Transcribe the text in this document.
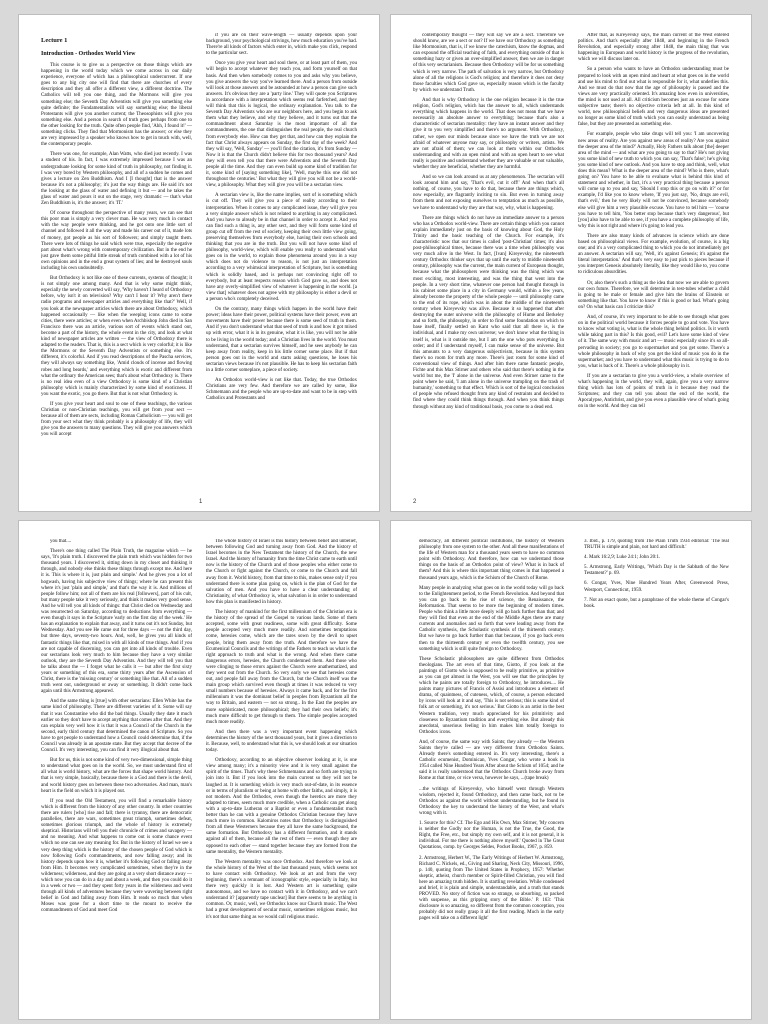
Lecture 1
Introduction - Orthodox World View

This course is to give us a perspective on those things which are happening in the world today which we come across in our daily experience, everyone of which has a philosophical undercurrent. If one goes to any big city one will find that there are churches of every description and they all offer a different view, a different doctrine. The Catholics will tell you one thing, and the Mormons will give you something else; the Seventh Day Adventists will give you something else quite definite; the Fundamentalists will say something else; the liberal Protestants will give you another current; the Theosophists will give you something else. And a person in search of truth goes perhaps from one to the other looking for the truth. Quite often people find, 'Ahh, I found it!' — something clicks. They find that Mormonism has the answer; or else they are very impressed by a speaker who knows how to get in touch with, well, the contemporary people.

There was one, for example, Alan Watts, who died just recently. I was a student of his. In fact, I was extremely impressed because I was an undergraduate looking for some kind of truth in philosophy, not finding it. I was very bored by Western philosophy, and all of a sudden he comes and gives a lecture on Zen Buddhism. And I [I thought] that is the answer because it's not a philosophy; it's just the way things are. He said it's not the looking at the glass of water and defining it but — and he takes the glass of water and pours it out on the stage, very dramatic — that's what Zen Buddhism is, it's the answer; it's 'IT.'

Of course throughout the perspective of many years, we can see that this poor man is simply a very clever man. He was very much in contact with the way people were thinking, and he got onto one little sort of channel and followed it all the way and made his career out of it, made lots of money, got people as his sort of followers; and simply taught them. There were lots of things he said which were true, especially the negative part about what's wrong with contemporary civilization. But in the end he just gave them some pitiful little streak of truth combined with a lot of his own opinions and in the end a great system of lies; and he destroyed souls including his own undoubtedly.

But Orthodoxy is not like one of these currents, systems of thought; it is not simply one among many. And that is why some might think, especially the newly converted will say, 'Why haven't I heard of Orthodoxy before, why isn't it on television? Why can't I hear it? Why aren't there radio programs and newspaper articles and everything like that?' Well, if you look at the newspaper articles which there are about Orthodoxy, which happened occasionally — like when the weeping icons came to some cities, there were articles; or when even when Archbishop John died in San Francisco there was an article, various sort of events which stand out, become a part of the history, the whole event in the city, and look at what kind of newspaper articles are written — the view of Orthodoxy there is adapted to the readers. That is, this is a sect which is very colorful; it is like the Mormons or the Seventh Day Adventists or something else. It's different, it's colorful. And if you read descriptions of the Pascha services, they will always say something like, 'Amid clouds of incense and flowing robes and long beards,' and everything which is exotic and different from what the ordinary the American sees; that's about what Orthodoxy is. There is no real idea even of a view Orthodoxy is some kind of a Christian philosophy which is mainly characterized by some kind of exoticness. If you want the exotic, you go there. But that is not what Orthodoxy is.

If you give your heart and soul to one of these teachings, the various Christian or non-Christian teachings, you will get from your sect — because all of them are sects, including Roman Catholicism — you will get from your sect what they think probably is a philosophy of life, they will give you the answers to many questions. They will give you answers which you will accept

if you are on their wave-length — usually depends upon your background, your psychological strivings, how much education you've had. There're all kinds of factors which enter in, which make you click, respond to the particular sect.

Once you give your heart and soul there, or at least part of them, you will begin to accept whatever they teach you, and form yourself on that basis. And then when somebody comes to you and asks why you believe, you give answers the way you've learned there. And a person from outside will look at those answers and be astounded at how a person can give such answers. It's obvious they are a 'party line.' They will quote you Scriptures in accordance with a interpretation which seems real farfetched, and they will think that this is logical, the ordinary explanation. You talk to the Seventh Day Adventists who are our neighbors here, and you begin to ask them what they believe, and why they believe, and it turns out that the commandment about Saturday is the most important of all the commandments, the one that distinguishes the real people, the real church from everybody else. How can they get that, and how can they explain the fact that Christ always appears on Sunday, the first day of the week? And they will say, 'Well, Sunday' — you'll find the citation, it's from Sunday — Now it is that the Church didn't believe this for two thousand years? And they will even tell you that there were Adventists and the Seventh Day people all the time. And they can even build up some kind of tradition for it, some kind of [saying something like], 'Well, maybe this one did not throughout the centuries.' But what they will give you will not be a world-view, a philosophy. What they will give you will be a sectarian view.

A sectarian view is, like the name implies, sort of is something which is cut off. They will give you a piece of reality according to their interpretation. When it comes to any complicated issue, they will give you a very simple answer which is not related to anything in any complicated. And you have to already be in that channel in order to accept it. And you can find such a thing is, any other sect, and they will form some kind of group cut off from the rest of society, keeping their own little view going, preserving themselves from everybody else, having their own schools and thinking that you are in the truth. But you will not have some kind of philosophy, world-view, which will enable you really to understand what goes on in the world, to explain those phenomena around you in a way which does not do violence to reason, is not just an interpretation according to a very whimsical interpretation of Scripture, but is something which is solidly based, and is perhaps not convincing right off to everybody, but at least respects reason which God gave us, and does not have any overly-simplified view of whatever is happening in the world. [a view that] whatever does not agree with my philosophy is either a devil or a person who's completely deceived.

On the contrary, many things which happen in the world have their power; ideas have their power, political systems have their power, even art movements have their power because there is some seed of truth in them. And if you don't understand what that seed of truth is and how it got mixed up with error, what it is in its genuine, what it is like, you will not be able to be living in the world today; and a Christian lives in the world. You must understand, that a sectarian survives himself, and he sees anybody he can keep away from reality, keep in his little corner some place. But if that person goes out in the world and starts asking questions, he loses his sectarian views because it's not plausible. He has to keep his sectarian faith in a little corner someplace, a piece of society.

An Orthodox world-view is not like that. Today, the true Orthodox Christians are very few. And therefore we are called by some, like Schmemann and the people who are up-to-date and want to be in step with Catholics and Protestants and

1

contemporary thought — they will say we are a sect. Therefore we should know, are we a sect or not? If we have our Orthodoxy as something like Mormonism, that is, if we know the catechism, know the dogmas, and can expound the official teaching of faith, and everything outside of that is something hazy or given an over-simplified answer, then we are in danger of this very sectarianism. Because then Orthodoxy will be for us something which is very narrow. The path of salvation is very narrow, but Orthodoxy alone of all the religions is God's religion; and therefore it does not deny those faculties which God gave us, especially reason which is the faculty by which we understand Truth.

And that is why Orthodoxy is the one religion because it is the true religion, God's religion, which has the answer to all, which understands everything which happens in the world. That does not mean that we have necessarily an absolute answer to everything; because that's also a characteristic of sectarian mentality: they have an instant answer and they give it to you very simplified and there's no argument. With Orthodoxy, rather, we open our minds because since we have the truth we are not afraid of whatever anyone may say, or philosophy or writers, artists. We are not afraid of them; we can look at them within our Orthodox understanding and with an open mind and with an open heart to see what really is positive and understand whether they are valuable or not valuable, whether they are beneficial, whether they are harmful.

And so we can look around us at any phenomenon. The sectarian will look around him and say, 'That's evil, cut it off!' And when that's all nothing, of course, you have to do that, because there are things which, now especially, are flagrantly inciting to sin. But even in turning away from them and not exposing ourselves to temptation as much as possible, we have to understand why they are that way, why, what is happening.

There are things which do not have an immediate answer to a person who has a Orthodox world-view. There are certain things which you cannot explain immediately just on the basis of knowing about God, the Holy Trinity and the basic teaching of the Church. For example, it's characteristic now that our times is called 'post-Christian' times; it's also post-philosophical times, because there was a time when philosophy was very much alive in the West. In fact, [Ivan] Kireyevsky, the nineteenth century Orthodox thinker says that up until the early to middle nineteenth century, philosophy was the current, the main current of European thought, because what the philosophers were thinking was the thing which was most exciting, most interesting, and was the thing that went into the people. In a very short time, whatever one person had thought through in his cabinet some place in a city in Germany would, within a few years, already become the property of the whole people — until philosophy came to the end of its rope, which was in about the middle of the nineteenth century when Kireyevsky was alive. Because it so happened that after destroying the outer universe with the philosophy of Hume and Berkeley and so forth, the philosophy, in order to find some foundation on which to base itself, finally settled on Kant who said that all there is, is the individual, and I make my own universe; we don't know what the thing in itself is, what is it outside me, but I am the one who puts everything in order; and if I understand myself, I can make sense of the universe. But this amounts to a very dangerous subjectivism, because in this system there's no room for truth any more. There's just room for some kind of conventional view of things. And after him there came fantastic people, Fichte and this Max Stirner and others who said that there's nothing in the world but me, the 'I' alone in the universe. And even Stirner came to the point where he said, 'I am alone in the universe trampling on the trash of humanity,' something to that effect. Which is sort of the logical conclusion of people who refused thought from any kind of restraints and decided to find where they could think things through. And when you think things through without any kind of traditional basis, you come to a dead end.

After that, as Kireyevsky says, the main current of the West entered politics. And that's especially after 1848, and beginning in the French Revolution, and especially strong after 1848, the main thing that was happening in European and world history is the progress of the revolution, which we will discuss later on.

So a person who wants to have an Orthodox understanding must be prepared to look with an open mind and heart at what goes on in the world and use his mind to find out what is responsible for it, what underlies this. And we must do that now that the age of philosophy is passed and the views are very practically oriented. It's amazing how even in universities, the mind is not used at all. All criticism becomes just an excuse for some subjective taste; there's no objective criteria left at all. In this kind of world, new philosophical beliefs and very dangerous ideas are presented no longer as some kind of truth which you can easily understand as being false, but they are presented as something else.

For example, people who take drugs will tell you: 'I am uncovering new areas of reality. Are you against new areas of reality? Are you against the deeper area of the mind?' Actually, Holy Fathers talk about [the] deeper area of the mind — and what are you going to say to that? He's not giving you some kind of new truth to which you can say, 'That's false'; he's giving you some kind of new outlook. And you have to stop and think, well, what does this mean? What is the deeper area of the mind? Who is there, what's going on? You have to be able to evaluate what is behind this kind of statement and whether, in fact, it's a very practical thing because a person will come up to you and say, 'Should I stop this or go on with it?' or for example, I'd like you to know where, 'If you just say, 'No, drugs are evil, that's evil,' then he very likely will not be convinced, because somebody else will give him a very plausible excuse. You have to tell him — 'course you have to tell him, 'You better stop because that's very dangerous', but [you] also have to be able to see, if you have a complete philosophy of life, why this is not right and where it's going to lead you.

There are also many kinds of advances in science which are done based on philosophical views. For example, evolution, of course, is a big one; and it's a very complicated thing to which you do not immediately get an answer. A sectarian will say, 'Well, it's against Genesis; it's against the literal interpretation.' And that's very easy to just pick to pieces because if you interpret Genesis absolutely literally, like they would like to, you come to ridiculous absurdities.

Or, also there's such a thing as the idea that now we are able to govern our own future. Therefore, we will determine in test-tubes whether a child is going to be male or female and give him the brains of Einstein or something like that. You have to know if this is good or bad. What's going on? On what basis can I criticize this?

And, of course, it's very important to be able to see through what goes on in the political world because it forces people to go and vote. You have to know what voting is, what is the whole thing behind politics. Is it worth while taking part in this? Is this good, evil? Let's have some kind of view of it. The same way with music and art — music especially since it's so all-pervading in society; you go to supermarket and you get some. There's a whole philosophy in back of why you get the kind of music you do in the supermarket; and you have to understand what this music is trying to do to you, what is back of it. There's a whole philosophy in it.

If you are a sectarian to give you a world-view, a whole overview of what's happening in the world, they will, again, give you a very narrow thing which has lots of points of truth in it because they read the Scriptures; and they can tell you about the end of the world, the Apocalypse, Antichrist, and give you even a plausible view of what's going on in the world. And they can tell

2

you that....

There's one thing called The Plain Truth, the magazine which — he says, 'It's plain truth. I discovered the plain truth which was hidden for two thousand years. I discovered it, sitting down in my closet and thinking it through, and nobody else thinks these things through except me. And here it is. This is where it is, just plain and simple.' And he gives you a lot of hogwash, having his subjective view of things; where he can present this where it's just 'plain and simple,' and that's the way it is. And millions of people follow him; not all of them are his real [followers], part of his cult, but many people take it very seriously, and think it makes very good sense. And he will tell you all kinds of things: that Christ died on Wednesday and was resurrected on Saturday, according to deductions from everything — even though it says in the Scripture 'early on the first day of the week.' He has an explanation to explain that away, and it turns out it's not Sunday, but Wednesday. And you see He came out for three days — not the third day, but three days, seventy-two hours. And, well, he gives you all kinds of fantastic things like that, mixed in with all kinds of true things. And if you are not capable of discerning, you can get into all kinds of trouble. Even our sectarians look very much to him because they have a very similar outlook, they are the Seventh Day Adventists. And they will tell you that he talks about the — I forget what he calls it — but after the first sixty years or something of this era, some thirty years after the Ascension of Christ, there is the 'missing century' or something like that. All of a sudden truth went out, underground or away or something. It didn't come back again until this Armstrong appeared.

And the same thing is [true] with other sectarians: Ellen White has the same kind of philosophy. There are different varieties of it. Some will say that it was Constantine who did the bad things. Usually they date it much earlier so they don't have to accept anything that comes after that. And they can explain very well how it is that it was a Council of the Church in the second, early third century that determined the canon of Scripture. So you have to get people to understand how a Council could determine that, if the Council was already in an apostate state. But they accept that decree of the Council. It's very interesting, you can find it very illogical about that.

But for us, this is not some kind of very two-dimensional, simple thing to understand what goes on in the world. So, we must understand first of all what is world history, what are the forces that shape world history. And that is very simple, basically, because there is a God and there is the devil, and world history goes on between these two adversaries. And man, man's heart is the field on which it is played out.

If you read the Old Testament, you will find a remarkable history which is different from the history of any other country. In other countries there are rulers [who] rise and fall; there is tyranny, there are democratic parallelies, there are wars, sometimes great triumph, sometimes defeat, sometimes glorious triumph, and the whole of history is extremely skeptical. Historians will tell you their chronicle of crimes and savagery — and no meaning. And what happens to come out is some chance event which no one can see any meaning for. But in the history of Israel we see a very deep thing which is the history of the chosen people of God which is now following God's commandments, and now falling away; and its history depends upon how it is, whether it's following God or falling away from Him. It becomes very complicated sometimes, when they're in the wilderness; wilderness, and they are going at a very short distance away — which now you can do in a day and about a week, and then you could do it in a week or two — and they spent forty years in the wilderness and went through all kinds of adventures because they were wavering between right belief in God and falling away from Him. It reads so much that when Moses was gone for a short time to the mount to receive the commandments of God and meet God

The whole history of Israel is this history between belief and unbelief, between following God and turning away from God. And the history of Israel becomes in the New Testament the history of the Church, the new Israel. And the history of humanity from the time Christ came to earth until now is the history of the Church and of those peoples who either come to the Church or fight against the Church, or come to the Church and fall away from it. World history, from that time to this, makes sense only if you understand there is some plan going on, which is the plan of God for the salvation of men. And you have to have a clear understanding of Christianity, of what Orthodoxy is, what salvation is in order to understand how this plan is manifested in history.

The history of mankind for the first millennium of the Christian era is the history of the spread of the Gospel to various lands. Some of them accepted, some with great readiness, some with great difficulty. Some people accepted very much more readily. And sometimes temptations come, heresies come, which are the tares sown by the devil to upset people, bring them away from the truth. And therefore we have the Ecumenical Councils and the writings of the Fathers to teach us what is the right approach to truth and what is the wrong. And when there came dangerous errors, heresies, the Church condemned them. And those who were clinging to those errors against the Church were anathematized, and they went out from the Church. So very early we see that heresies come out, and people fall away from the Church, but the Church itself was the main group which survived even though at times it was reduced to very small numbers because of heresies. Always it came back, and for the first millennium it was the dominant belief in peoples from Byzantium all the way to Britain, and eastern — not so strong.. In the East the peoples are more sophisticated, more philosophical; they had their own beliefs; it's much more difficult to get through to them. The simple peoples accepted much more readily.

And then there was a very important event happening which determines the history of the next thousand years, but it gives a direction to it. Because, well, to understand what this is, we should look at our situation today.

Orthodoxy, according to an objective observer looking at it, is one view among many; it's a minority view and it is very small against the spirit of the times. That's why these Schmemanns and so forth are trying to join into it. But if you look into the main current so they will not be laughed at. It is something which is very much out-of-date, in its essence or in terms of pluralism or being at home with other faiths, and simply, it is not modern. And the Orthodox, even though the heretics are more they adapted to times, seem much more credible, when a Catholic can get along with a up-to-date Lutheran or a Baptist or even a fundamentalist much better than he can with a genuine Orthodox Christian because they have much more in common. Kalomiros notes that Orthodoxy is distinguished from all these Westerners because they all have the same background, the same formation. But Orthodoxy has a different formation, and it stands against all of them, because all the rest of them — even though they are opposed to each other — stand together because they are formed from the same mentality, the Western mentality.

The Western mentality was once Orthodox. And therefore we look at the whole history of the West of the last thousand years, which seems not to have contact with Orthodoxy. We look at art and from the very beginning, there's a remnant of iconographic style, especially in Italy, but there very quickly it is lost. And Western art is something quite autonomous, and we have no contact with it in Orthodoxy, and we can't understand it? [apparently tape unclear] But there seems to be anything in common. Or, music, well, we Orthodox know our Church music. The West had a great development of secular music, sometimes religious music, but it's not that same thing as we would call religious music.

democracy, all different political institutions, the history of Western philosophy from one system to the other. And all these manifestations of the life of Western man for a thousand years seem to have no common point with Orthodoxy. And therefore, how can we understand those things on the basis of an Orthodox point of view? What is in back of them? And this is where this important thing comes in that happened a thousand years ago, which is the Schism of the Church of Rome.

Many people in analyzing what goes on in the world today will go back to the Enlightenment period, to the French Revolution. And beyond that you can go back to the rise of science, the Renaissance, the Reformation. That seems to be more the beginning of modern times. People who think a little more deeply will go back further than that; and they will find that even at the end of the Middle Ages there are many currents and anomalies and so forth that were leading away from the Catholic synthesis, the Scholastic synthesis of the thirteenth century. But we have to go back further than that because, if you go back even then to the thirteenth century or even the twelfth century, you see something which is still quite foreign to Orthodoxy.

These Scholastic philosophers are quite different from Orthodox theologians. The art even of that time, Giotto, if you look at the paintings of Giotto who is supposed to be really primitive, as primitive as you can get almost in the West, you will see that the principles by which he paints are totally foreign to Orthodoxy, he introduces.... He paints many pictures of Francis of Assisi and introduces a element of drama, of quaintness, of cuteness, which, of course, a person educated by icons will look at it and say, 'This is not serious; this is some kind of folk art or something, it's not serious.' But Giotto is an artist in the best Western tradition, very much appreciated for his primitivity and closeness to Byzantium tradition and everything else. But already this anecdotal, unserious feeling in him makes him totally foreign to Orthodox icons.

And, of course, the same way with Saints; they already — the Western Saints they're called — are very different from Orthodox Saints. Already there's something entered in. It's very interesting, there's a Catholic ecumenist, Dominican, Yves Congar, who wrote a book in 1954 called Nine Hundred Years After about the Schism of 1054; and he said it is really understood that the Orthodox Church broke away from Rome at that time, or vice versa, however he says, ...(tape break)

...the writings of Kireyevsky, who himself went through Western wisdom, rejected it, found Orthodoxy, and then came back, not to be Orthodox as against the world without understanding, but he found in Orthodoxy the key to understand the history of the West, and what's wrong with it.

1. Source for this? Cf. The Ego and His Own, Max Stirner, 'My concern is neither the Godly nor the Human, is not the True, the Good, the Right, the Free, etc., but simply my own self, and it is not general, it is individual. For me there is nothing above myself.' Quoted in The Great Quotations, comp. by Georges Seldes, Pocket Books, 1967, p. 859.

2. Armstrong, Herbert W., The Early Writings of Herbert W. Armstrong, Richard C. Nickels, ed., Giving and Sharing, Neck City, Missouri, 1996, p. 140, quoting from The United States in Prophecy, 1957: 'Whether skeptic, atheist, church member or Spirit-filled Christian, you will find here an amazing truth hidden. It is startling revelation. While condensed and brief, it is plain and simple, understandable, and a truth that stands PROVED. No story of fiction was so strange, so absorbing, so packed with suspense, as this gripping story of the Bible.' P. 163: 'This disclosure is so amazing, so different from the common conception, you probably did not really grasp it all the first reading. Much in the early pages will take on a different light'

3. Ibid., p. 179, quoting from The Plain Truth 1934 editorial: 'The real TRUTH is simple and plain, not hard and difficult.'

4. Mark 16:2,9; Luke 24:1; John 20:1.

5. Armstrong, Early Writings, 'Which Day is the Sabbath of the New Testament?' p. 69.

6. Congar, Yves, Nine Hundred Years After, Greenwood Press, Westport, Connecticut, 1959.

7. Not an exact quote, but a paraphrase of the whole theme of Congar's book.
